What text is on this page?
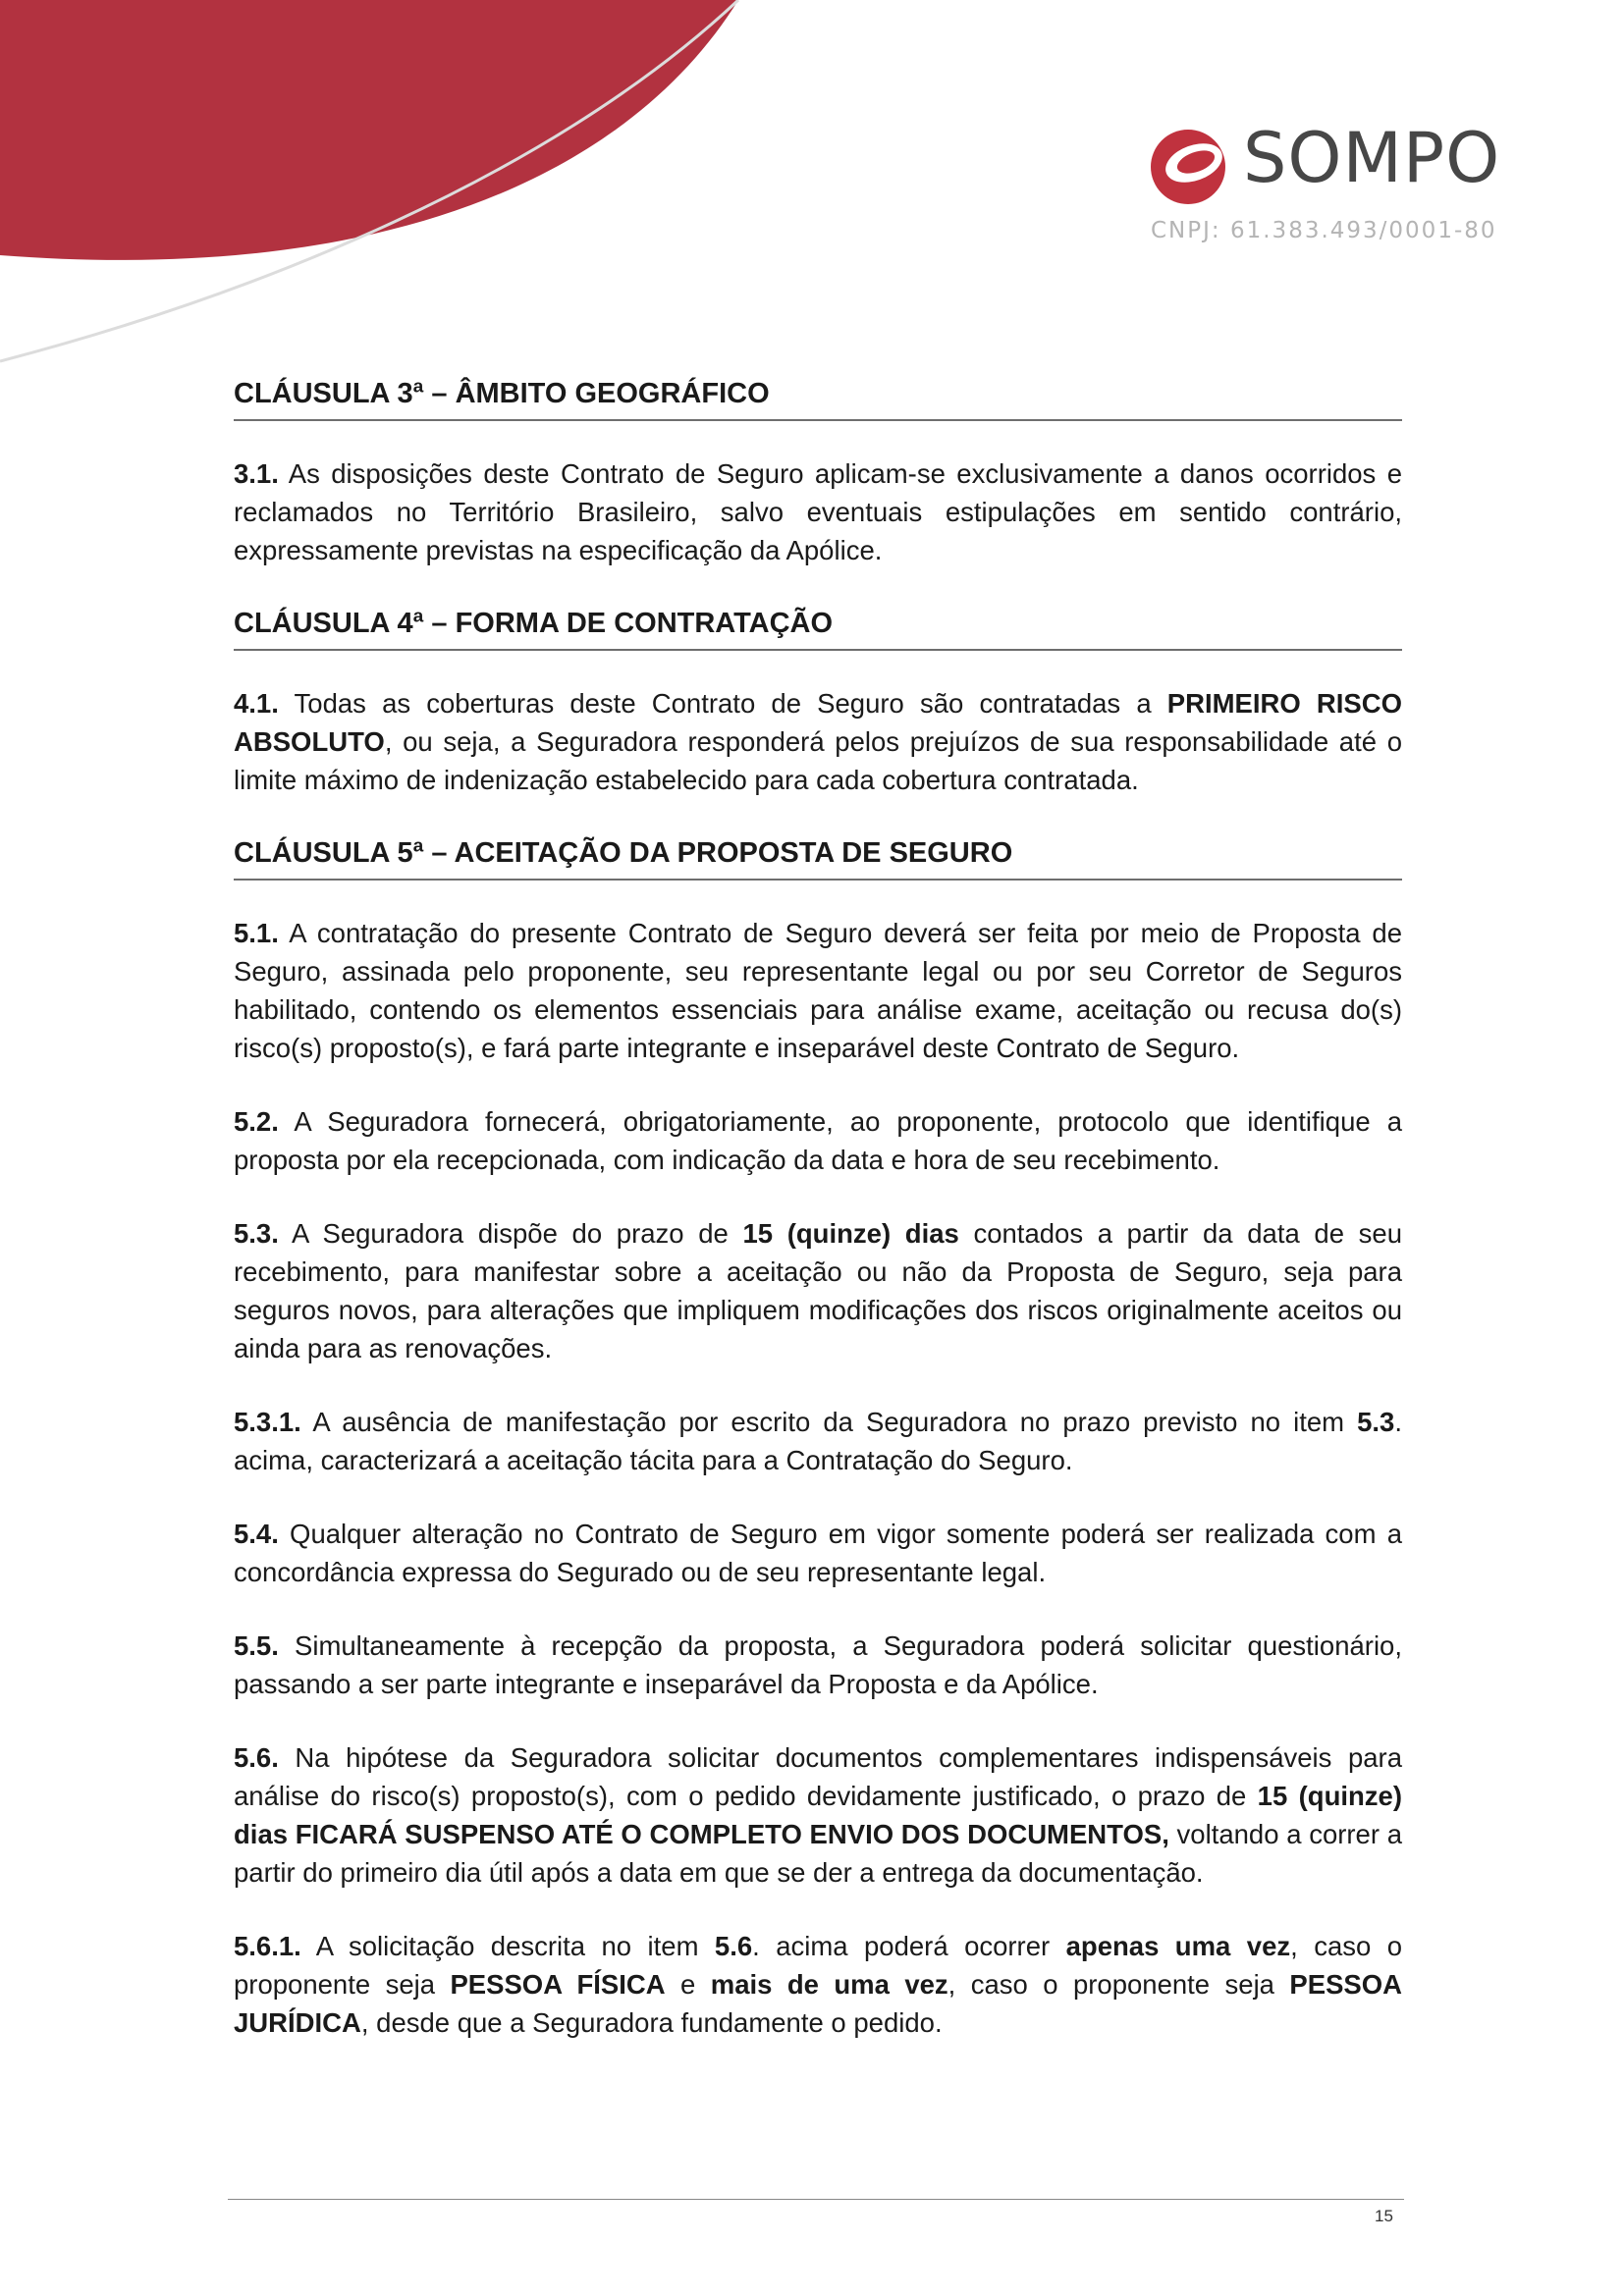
SOMPO
CNPJ: 61.383.493/0001-80
CLÁUSULA 3ª – ÂMBITO GEOGRÁFICO

3.1. As disposições deste Contrato de Seguro aplicam-se exclusivamente a danos ocorridos e reclamados no Território Brasileiro, salvo eventuais estipulações em sentido contrário, expressamente previstas na especificação da Apólice.

CLÁUSULA 4ª – FORMA DE CONTRATAÇÃO

4.1. Todas as coberturas deste Contrato de Seguro são contratadas a PRIMEIRO RISCO ABSOLUTO, ou seja, a Seguradora responderá pelos prejuízos de sua responsabilidade até o limite máximo de indenização estabelecido para cada cobertura contratada.

CLÁUSULA 5ª – ACEITAÇÃO DA PROPOSTA DE SEGURO

5.1. A contratação do presente Contrato de Seguro deverá ser feita por meio de Proposta de Seguro, assinada pelo proponente, seu representante legal ou por seu Corretor de Seguros habilitado, contendo os elementos essenciais para análise exame, aceitação ou recusa do(s) risco(s) proposto(s), e fará parte integrante e inseparável deste Contrato de Seguro.

5.2. A Seguradora fornecerá, obrigatoriamente, ao proponente, protocolo que identifique a proposta por ela recepcionada, com indicação da data e hora de seu recebimento.

5.3. A Seguradora dispõe do prazo de 15 (quinze) dias contados a partir da data de seu recebimento, para manifestar sobre a aceitação ou não da Proposta de Seguro, seja para seguros novos, para alterações que impliquem modificações dos riscos originalmente aceitos ou ainda para as renovações.

5.3.1. A ausência de manifestação por escrito da Seguradora no prazo previsto no item 5.3. acima, caracterizará a aceitação tácita para a Contratação do Seguro.

5.4. Qualquer alteração no Contrato de Seguro em vigor somente poderá ser realizada com a concordância expressa do Segurado ou de seu representante legal.

5.5. Simultaneamente à recepção da proposta, a Seguradora poderá solicitar questionário, passando a ser parte integrante e inseparável da Proposta e da Apólice.

5.6. Na hipótese da Seguradora solicitar documentos complementares indispensáveis para análise do risco(s) proposto(s), com o pedido devidamente justificado, o prazo de 15 (quinze) dias FICARÁ SUSPENSO ATÉ O COMPLETO ENVIO DOS DOCUMENTOS, voltando a correr a partir do primeiro dia útil após a data em que se der a entrega da documentação.

5.6.1. A solicitação descrita no item 5.6. acima poderá ocorrer apenas uma vez, caso o proponente seja PESSOA FÍSICA e mais de uma vez, caso o proponente seja PESSOA JURÍDICA, desde que a Seguradora fundamente o pedido.

15
